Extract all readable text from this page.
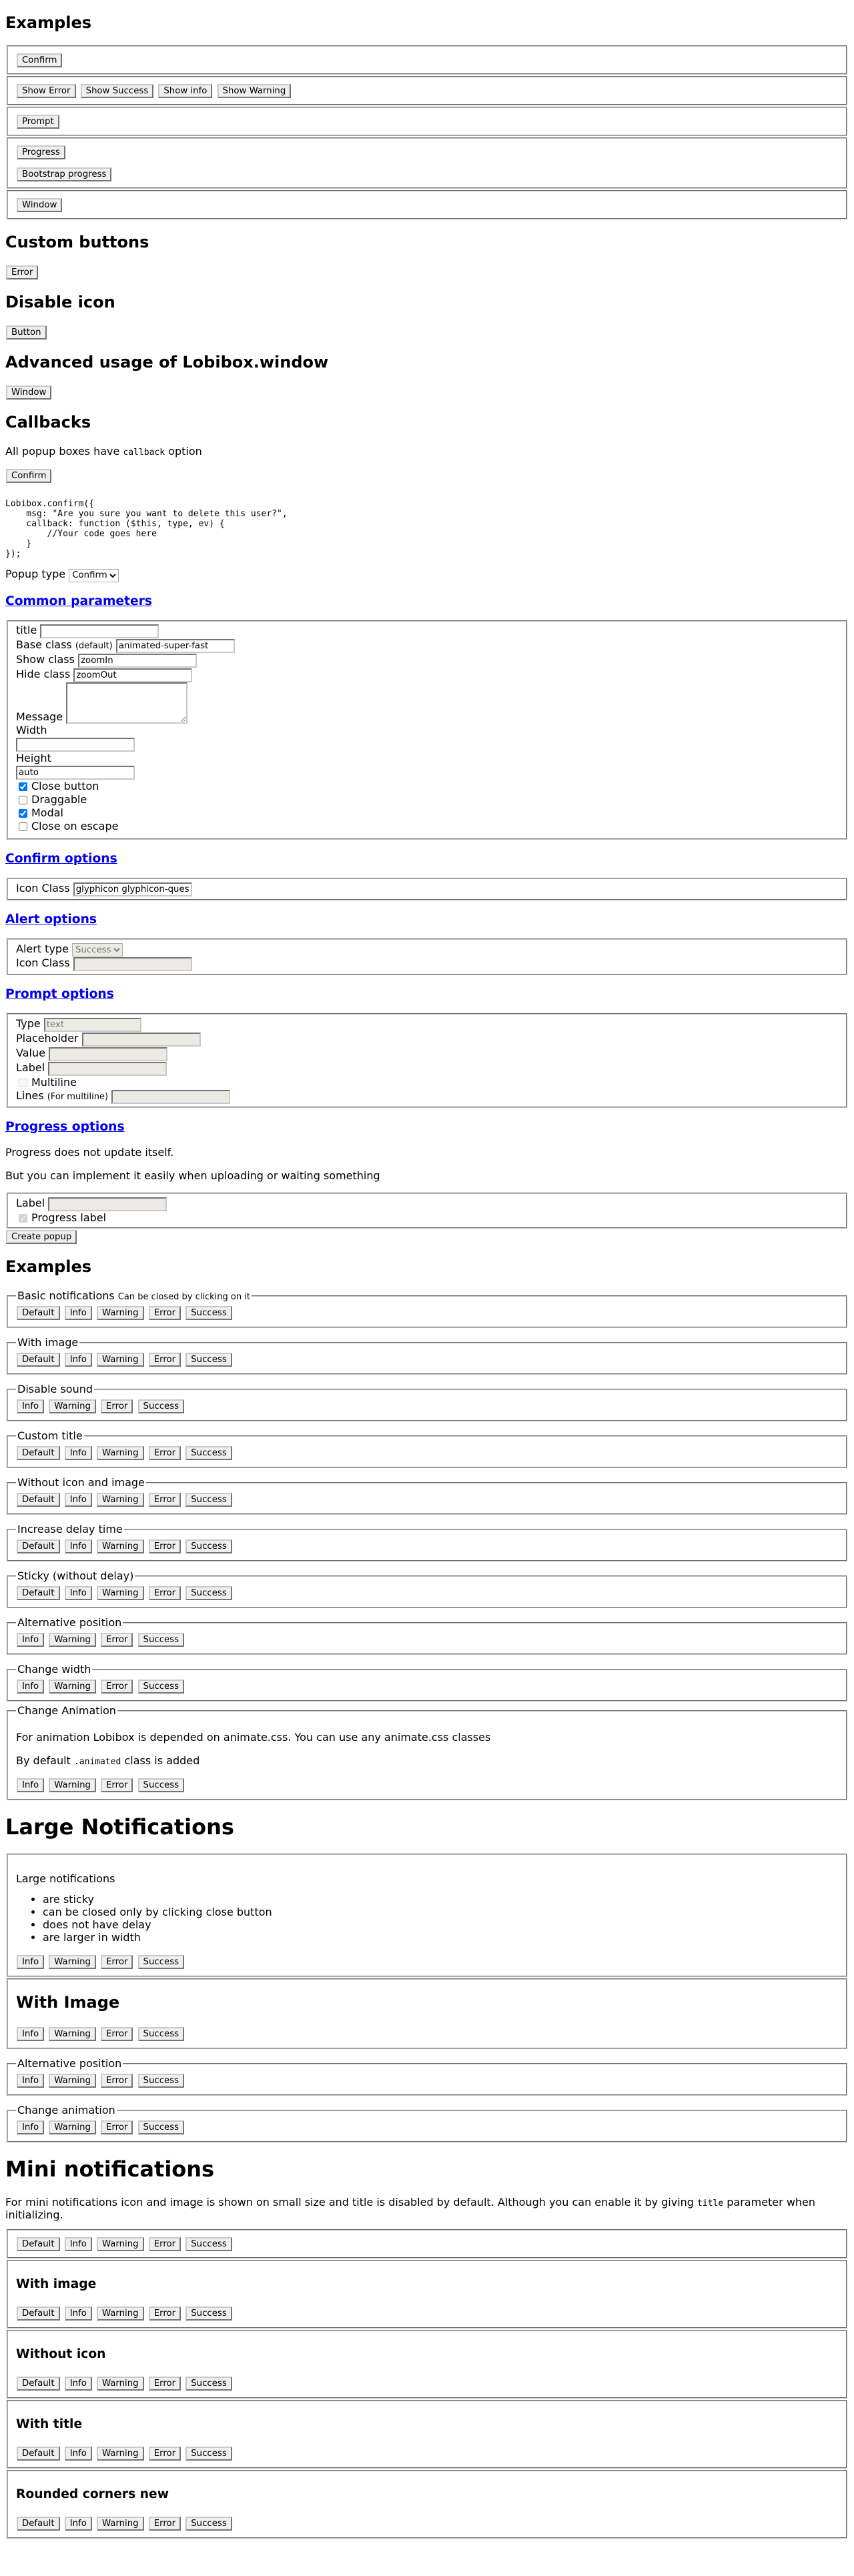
Examples
Confirm
Show Error Show Success Show info Show Warning
Prompt
Progress
Bootstrap progress
Window
Custom buttons
Error
Disable icon
Button
Advanced usage of Lobibox.window
Window
Callbacks

All popup boxes have callback option

Confirm
Lobibox.confirm({
msg: "Are you sure you want to delete this user?",
callback: function ($this, type, ev) {
//Your code goes here
}
});
Popup type
Confirm
Common parameters
title
Base class (default) animated-super-fast
Show class zoomIn
Hide class zoomOut
Message
Width
Height
auto
Close button
Draggable
Modal
Close on escape
Confirm options
Icon Class glyphicon glyphicon-quest
Alert options
Alert type
Success
Icon Class
Prompt options
Type text
Placeholder
Value
Label
Multiline
Lines (For multiline)
Progress options

Progress does not update itself.

But you can implement it easily when uploading or waiting something

Label
Progress label
Create popup
Examples
Basic notifications Can be closed by clicking on it
Default Info Warning Error Success
With image
Default Info Warning Error Success
Disable sound
Info Warning Error Success
Custom title
Default Info Warning Error Success
Without icon and image
Default Info Warning Error Success
Increase delay time
Default Info Warning Error Success
Sticky (without delay)
Default Info Warning Error Success
Alternative position
Info Warning Error Success
Change width
Info Warning Error Success
Change Animation

For animation Lobibox is depended on animate.css. You can use any animate.css classes

By default .animated class is added

Info Warning Error Success
Large Notifications

Large notifications

• are sticky
• can be closed only by clicking close button
• does not have delay
• are larger in width
Info Warning Error Success
With Image
Info Warning Error Success
Alternative position
Info Warning Error Success
Change animation
Info Warning Error Success
Mini notifications

For mini notifications icon and image is shown on small size and title is disabled by default. Although you can enable it by giving title parameter when initializing.

Default Info Warning Error Success
With image
Default Info Warning Error Success
Without icon
Default Info Warning Error Success
With title
Default Info Warning Error Success
Rounded corners new
Default Info Warning Error Success
